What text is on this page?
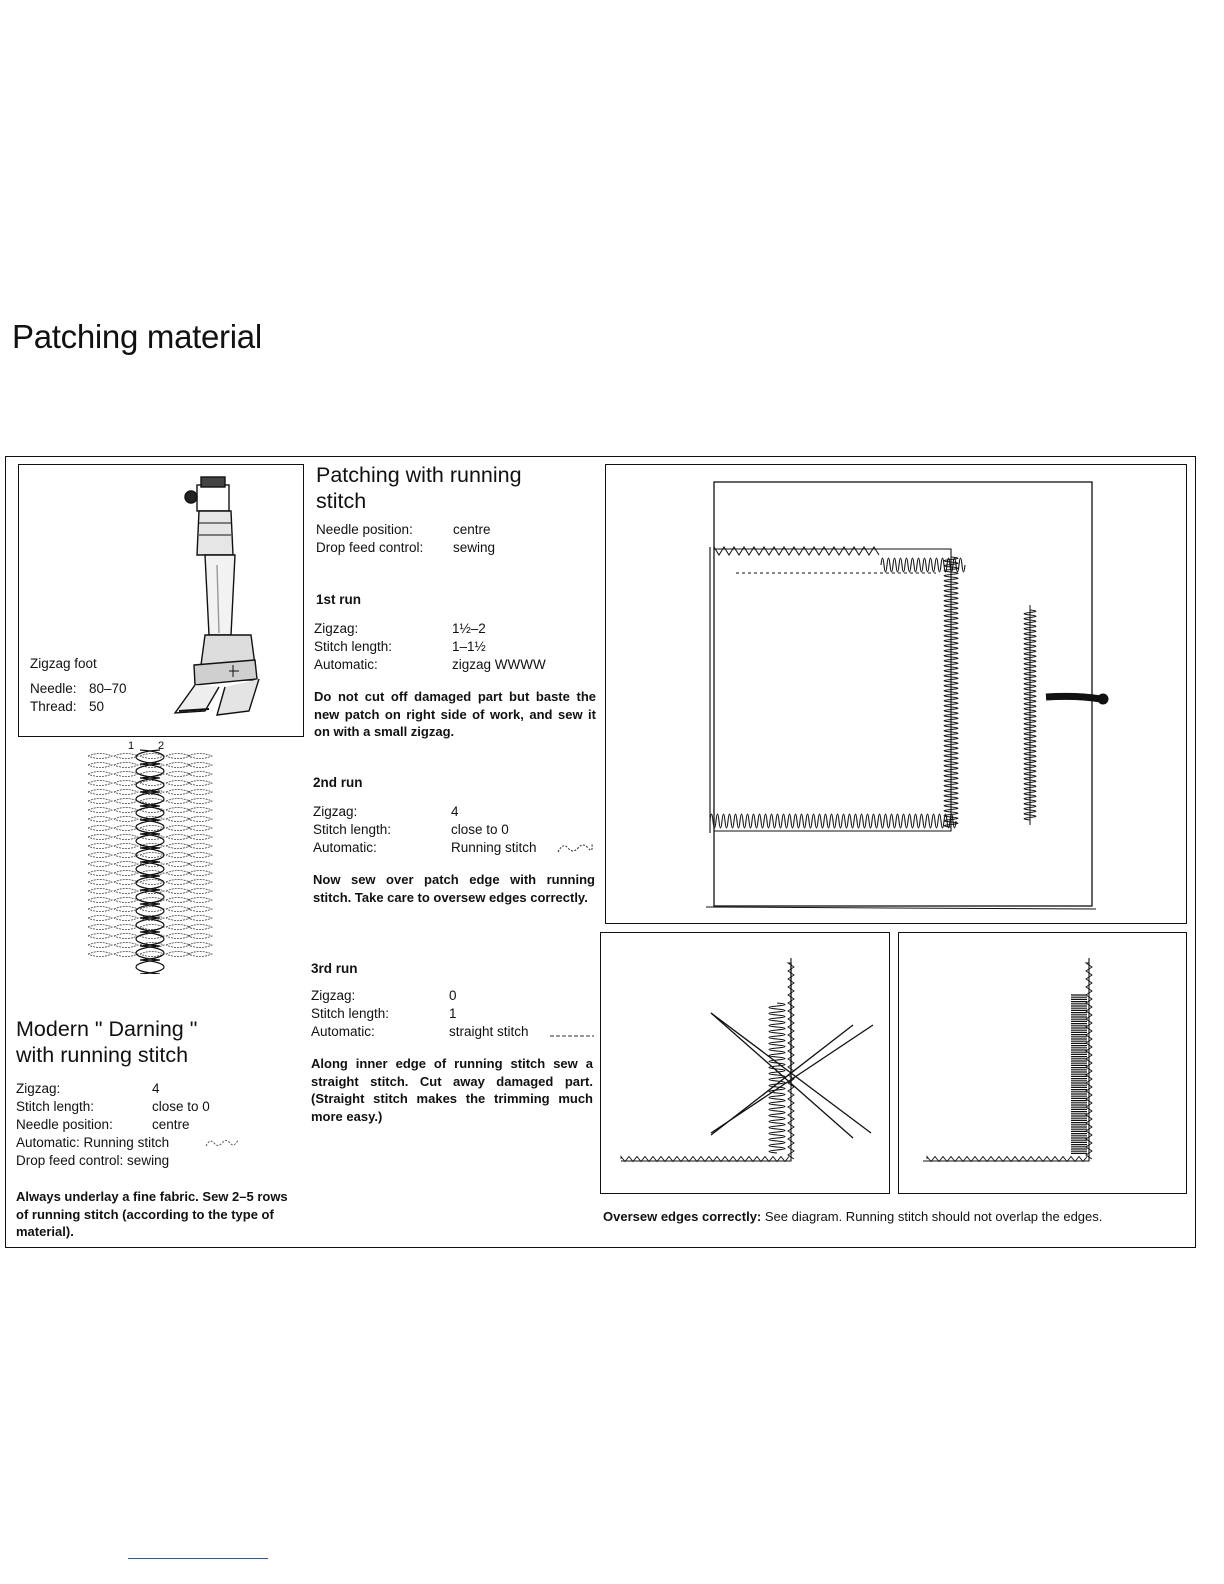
Patching material
Zigzag foot
Needle: 80–70
Thread: 50
1 2
Modern " Darning "
with running stitch
Zigzag:	4
Stitch length:	close to 0
Needle position:	centre
Automatic: Running stitch
Drop feed control: sewing
Always underlay a fine fabric. Sew 2–5 rows of running stitch (according to the type of material).
Patching with running
stitch
Needle position:	centre
Drop feed control: sewing
1st run
Zigzag:	1½–2
Stitch length:	1–1½
Automatic:	zigzag WWWW
Do not cut off damaged part but baste the new patch on right side of work, and sew it on with a small zigzag.
2nd run
Zigzag:	4
Stitch length:	close to 0
Automatic:	Running stitch
Now sew over patch edge with running stitch. Take care to oversew edges correctly.
3rd run
Zigzag:	0
Stitch length:	1
Automatic:	straight stitch
Along inner edge of running stitch sew a straight stitch. Cut away damaged part. (Straight stitch makes the trimming much more easy.)
Oversew edges correctly: See diagram. Running stitch should not overlap the edges.
